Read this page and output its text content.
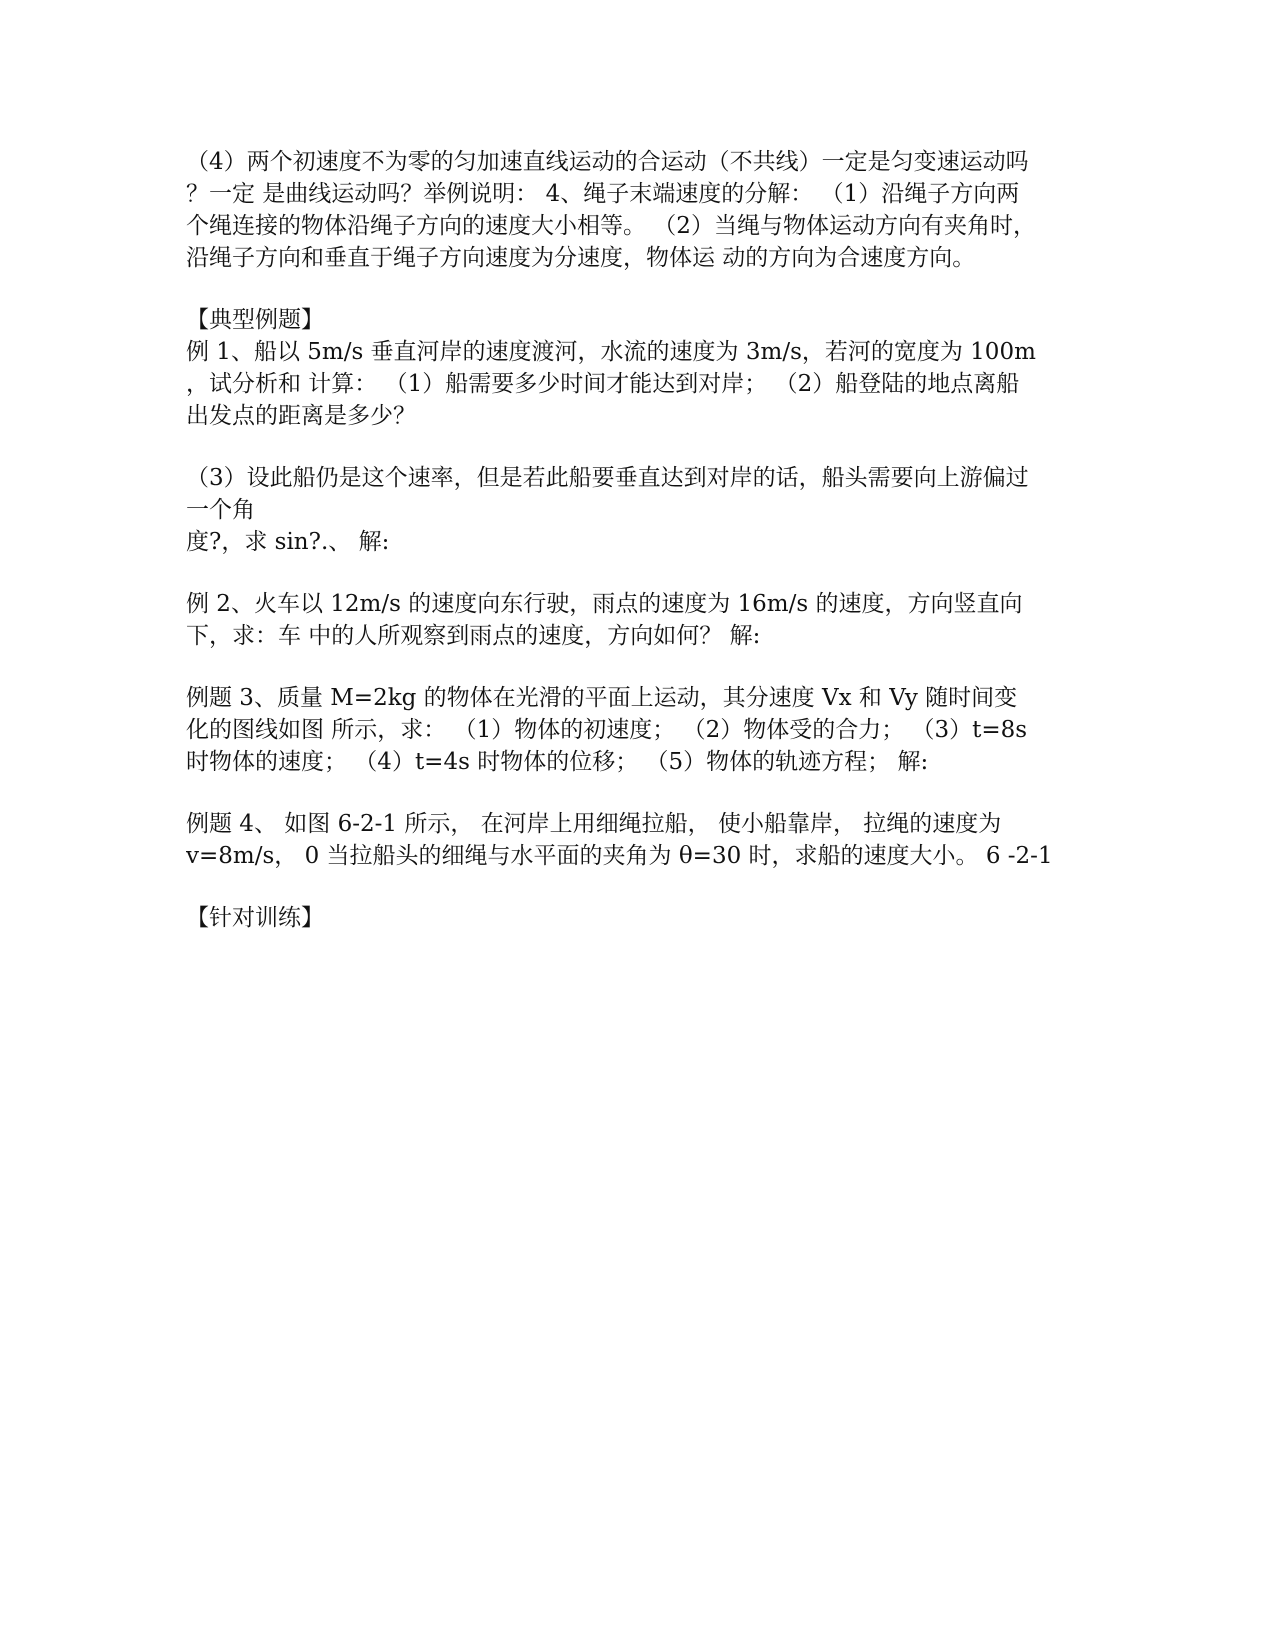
（4）两个初速度不为零的匀加速直线运动的合运动（不共线）一定是匀变速运动吗
？一定 是曲线运动吗？举例说明： 4、绳子末端速度的分解： （1）沿绳子方向两
个绳连接的物体沿绳子方向的速度大小相等。 （2）当绳与物体运动方向有夹角时，
沿绳子方向和垂直于绳子方向速度为分速度，物体运 动的方向为合速度方向。
【典型例题】
例 1、船以 5m/s 垂直河岸的速度渡河，水流的速度为 3m/s，若河的宽度为 100m
，试分析和 计算： （1）船需要多少时间才能达到对岸； （2）船登陆的地点离船
出发点的距离是多少？
（3）设此船仍是这个速率，但是若此船要垂直达到对岸的话，船头需要向上游偏过
一个角
度?，求 sin?.、 解:
例 2、火车以 12m/s 的速度向东行驶，雨点的速度为 16m/s 的速度，方向竖直向
下，求：车 中的人所观察到雨点的速度，方向如何？ 解:
例题 3、质量 M=2kg 的物体在光滑的平面上运动，其分速度 Vx 和 Vy 随时间变
化的图线如图 所示，求： （1）物体的初速度； （2）物体受的合力； （3）t=8s
时物体的速度； （4）t=4s 时物体的位移； （5）物体的轨迹方程； 解:
例题 4、 如图 6-2-1 所示， 在河岸上用细绳拉船， 使小船靠岸， 拉绳的速度为
v=8m/s， 0 当拉船头的细绳与水平面的夹角为 θ=30 时，求船的速度大小。 6 -2-1
【针对训练】
